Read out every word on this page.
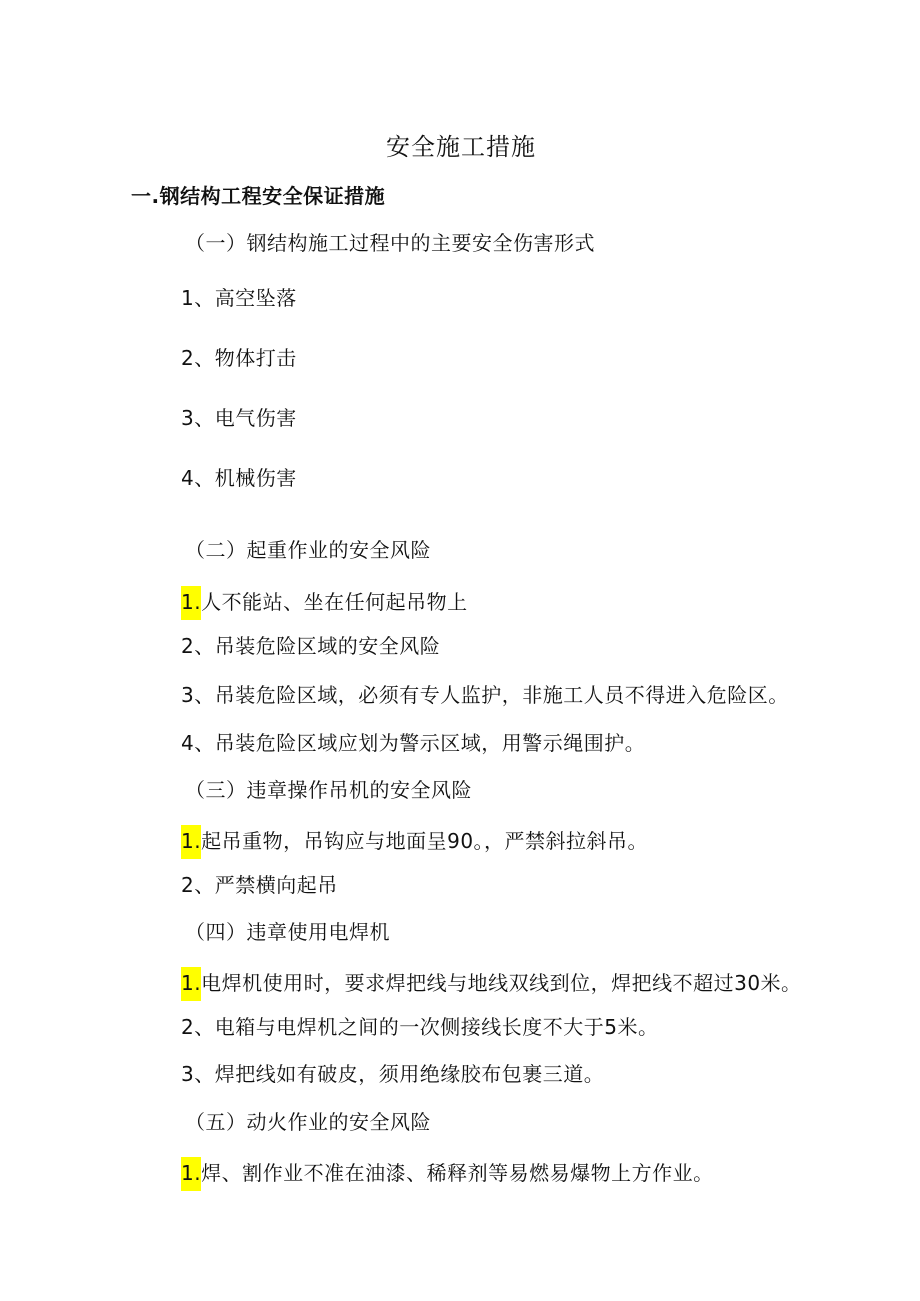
安全施工措施
一.钢结构工程安全保证措施
（一）钢结构施工过程中的主要安全伤害形式
1、高空坠落
2、物体打击
3、电气伤害
4、机械伤害
（二）起重作业的安全风险
1.人不能站、坐在任何起吊物上
2、吊装危险区域的安全风险
3、吊装危险区域，必须有专人监护，非施工人员不得进入危险区。
4、吊装危险区域应划为警示区域，用警示绳围护。
（三）违章操作吊机的安全风险
1.起吊重物，吊钩应与地面呈90。，严禁斜拉斜吊。
2、严禁横向起吊
（四）违章使用电焊机
1.电焊机使用时，要求焊把线与地线双线到位，焊把线不超过30米。
2、电箱与电焊机之间的一次侧接线长度不大于5米。
3、焊把线如有破皮，须用绝缘胶布包裹三道。
（五）动火作业的安全风险
1.焊、割作业不准在油漆、稀释剂等易燃易爆物上方作业。
